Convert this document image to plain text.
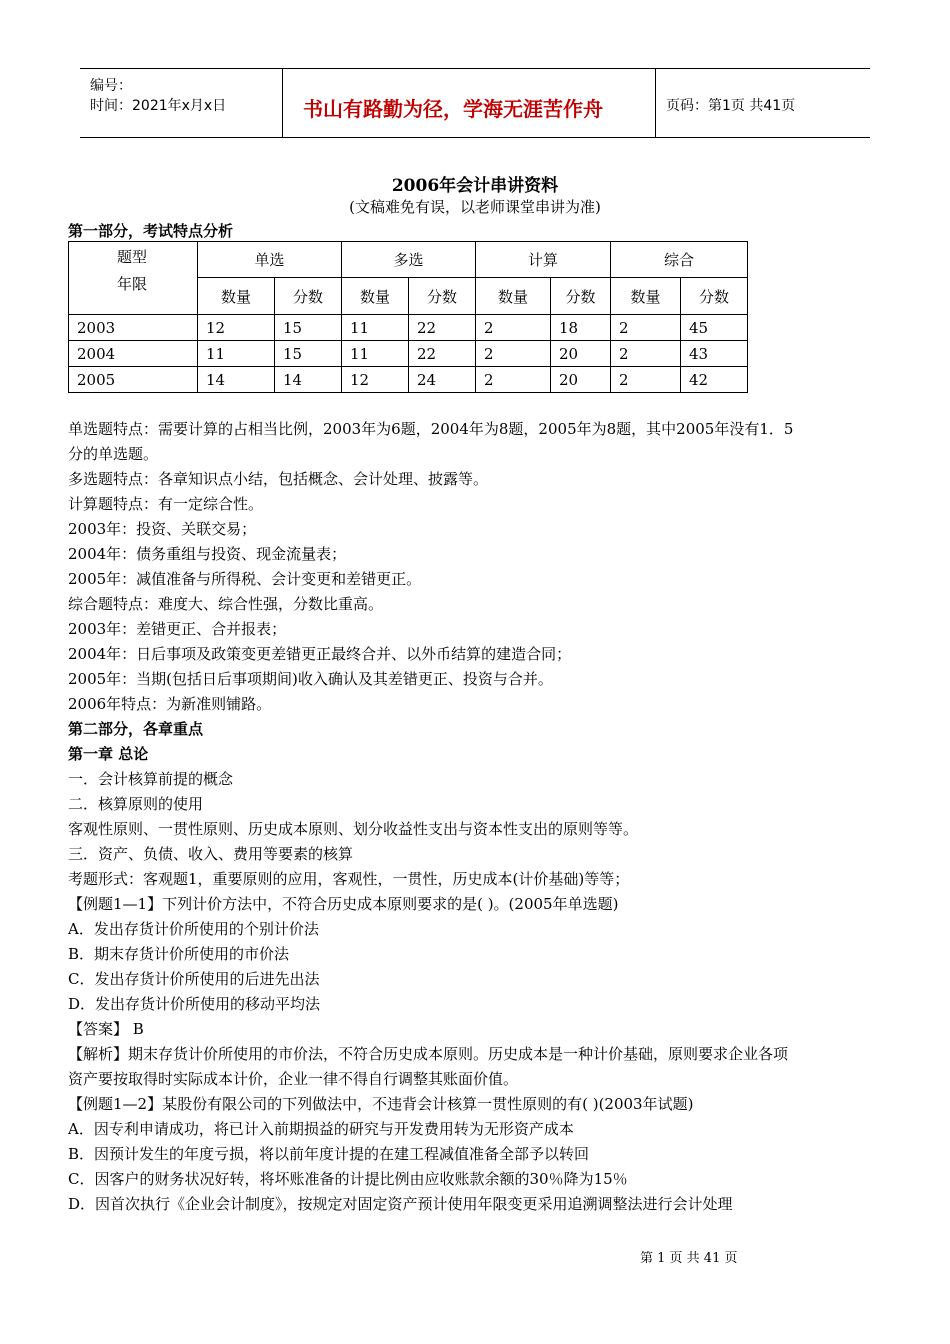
编号：
时间：2021年x月x日	书山有路勤为径，学海无涯苦作舟	页码：第1页 共41页
2006年会计串讲资料
(文稿难免有误，以老师课堂串讲为准)
第一部分，考试特点分析
题型
年限	单选		多选		计算		综合	
	数量	分数	数量	分数	数量	分数	数量	分数
2003	12	15	11	22	2	18	2	45
2004	11	15	11	22	2	20	2	43
2005	14	14	12	24	2	20	2	42
单选题特点：需要计算的占相当比例，2003年为6题，2004年为8题，2005年为8题，其中2005年没有1．5
分的单选题。
多选题特点：各章知识点小结，包括概念、会计处理、披露等。
计算题特点：有一定综合性。
2003年：投资、关联交易；
2004年：债务重组与投资、现金流量表；
2005年：减值准备与所得税、会计变更和差错更正。
综合题特点：难度大、综合性强，分数比重高。
2003年：差错更正、合并报表；
2004年：日后事项及政策变更差错更正最终合并、以外币结算的建造合同；
2005年：当期(包括日后事项期间)收入确认及其差错更正、投资与合并。
2006年特点：为新准则铺路。
第二部分，各章重点
第一章 总论
一．会计核算前提的概念
二．核算原则的使用
客观性原则、一贯性原则、历史成本原则、划分收益性支出与资本性支出的原则等等。
三．资产、负债、收入、费用等要素的核算
考题形式：客观题1，重要原则的应用，客观性，一贯性，历史成本(计价基础)等等；
【例题1—1】下列计价方法中，不符合历史成本原则要求的是( )。(2005年单选题)
A．发出存货计价所使用的个别计价法
B．期末存货计价所使用的市价法
C．发出存货计价所使用的后进先出法
D．发出存货计价所使用的移动平均法
【答案】 B
【解析】期末存货计价所使用的市价法，不符合历史成本原则。历史成本是一种计价基础，原则要求企业各项
资产要按取得时实际成本计价，企业一律不得自行调整其账面价值。
【例题1—2】某股份有限公司的下列做法中，不违背会计核算一贯性原则的有( )(2003年试题)
A．因专利申请成功，将已计入前期损益的研究与开发费用转为无形资产成本
B．因预计发生的年度亏损，将以前年度计提的在建工程减值准备全部予以转回
C．因客户的财务状况好转，将坏账准备的计提比例由应收账款余额的30％降为15％
D．因首次执行《企业会计制度》，按规定对固定资产预计使用年限变更采用追溯调整法进行会计处理
第 1 页 共 41 页
